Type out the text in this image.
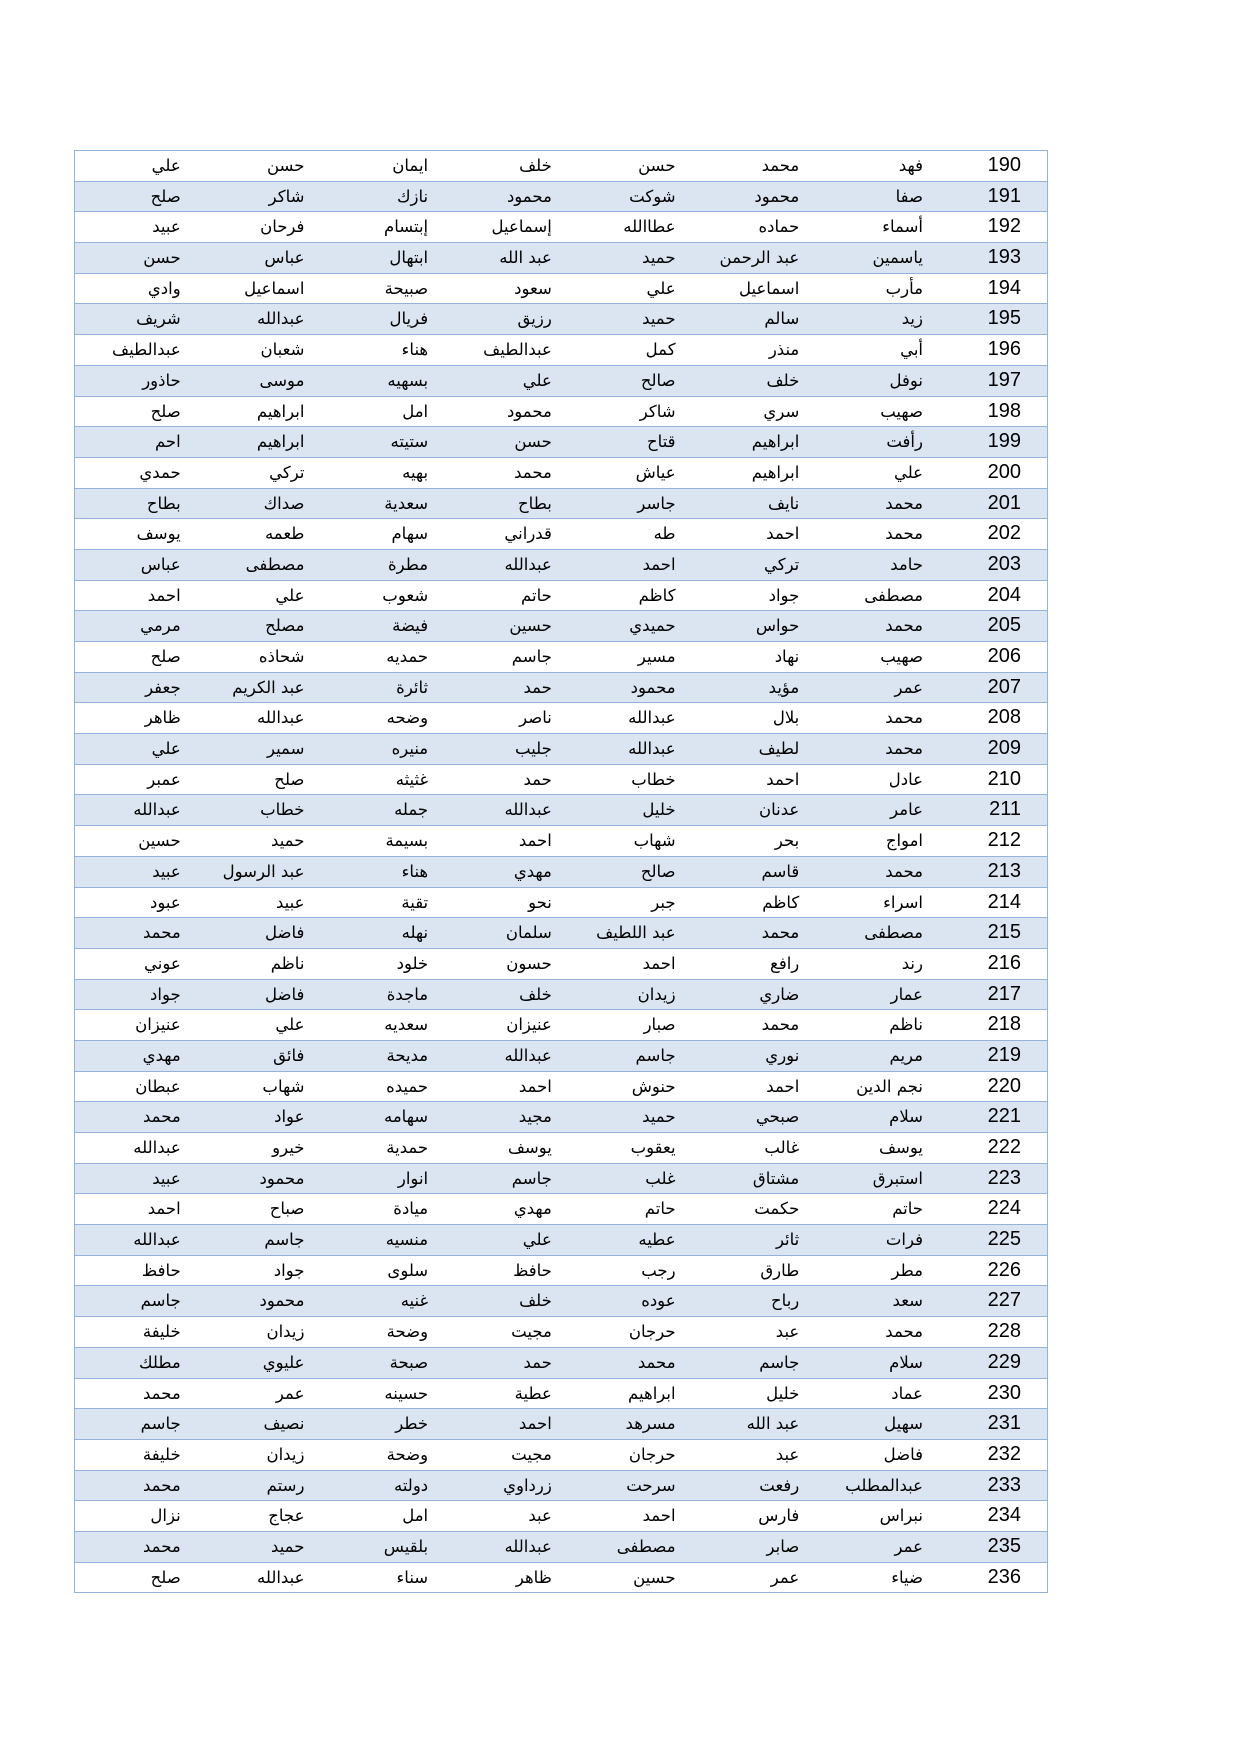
علي	حسن	ايمان	خلف	حسن	محمد	فهد	190
صلح	شاكر	نازك	محمود	شوكت	محمود	صفا	191
عبيد	فرحان	إبتسام	إسماعيل	عطاالله	حماده	أسماء	192
حسن	عباس	ابتهال	عبد الله	حميد	عبد الرحمن	ياسمين	193
وادي	اسماعيل	صبيحة	سعود	علي	اسماعيل	مأرب	194
شريف	عبدالله	فريال	رزيق	حميد	سالم	زيد	195
عبدالطيف	شعبان	هناء	عبدالطيف	كمل	منذر	أبي	196
حاذور	موسى	بسهيه	علي	صالح	خلف	نوفل	197
صلح	ابراهيم	امل	محمود	شاكر	سري	صهيب	198
احم	ابراهيم	ستيته	حسن	قتاح	ابراهيم	رأفت	199
حمدي	تركي	بهيه	محمد	عياش	ابراهيم	علي	200
بطاح	صداك	سعدية	بطاح	جاسر	نايف	محمد	201
يوسف	طعمه	سهام	قدراني	طه	احمد	محمد	202
عباس	مصطفى	مطرة	عبدالله	احمد	تركي	حامد	203
احمد	علي	شعوب	حاتم	كاظم	جواد	مصطفى	204
مرمي	مصلح	فيضة	حسين	حميدي	حواس	محمد	205
صلح	شحاذه	حمديه	جاسم	مسير	نهاد	صهيب	206
جعفر	عبد الكريم	ثائرة	حمد	محمود	مؤيد	عمر	207
ظاهر	عبدالله	وضحه	ناصر	عبدالله	بلال	محمد	208
علي	سمير	منيره	جليب	عبدالله	لطيف	محمد	209
عمبر	صلح	غثيثه	حمد	خطاب	احمد	عادل	210
عبدالله	خطاب	جمله	عبدالله	خليل	عدنان	عامر	211
حسين	حميد	بسيمة	احمد	شهاب	بحر	امواج	212
عبيد	عبد الرسول	هناء	مهدي	صالح	قاسم	محمد	213
عبود	عبيد	تقية	نحو	جبر	كاظم	اسراء	214
محمد	فاضل	نهله	سلمان	عبد اللطيف	محمد	مصطفى	215
عوني	ناظم	خلود	حسون	احمد	رافع	رند	216
جواد	فاضل	ماجدة	خلف	زيدان	ضاري	عمار	217
عنيزان	علي	سعديه	عنيزان	صبار	محمد	ناظم	218
مهدي	فائق	مديحة	عبدالله	جاسم	نوري	مريم	219
عبطان	شهاب	حميده	احمد	حنوش	احمد	نجم الدين	220
محمد	عواد	سهامه	مجيد	حميد	صبحي	سلام	221
عبدالله	خيرو	حمدية	يوسف	يعقوب	غالب	يوسف	222
عبيد	محمود	انوار	جاسم	غلب	مشتاق	استبرق	223
احمد	صباح	ميادة	مهدي	حاتم	حكمت	حاتم	224
عبدالله	جاسم	منسيه	علي	عطيه	ثائر	فرات	225
حافظ	جواد	سلوى	حافظ	رجب	طارق	مطر	226
جاسم	محمود	غنيه	خلف	عوده	رباح	سعد	227
خليفة	زيدان	وضحة	مجيت	حرجان	عبد	محمد	228
مطلك	عليوي	صبحة	حمد	محمد	جاسم	سلام	229
محمد	عمر	حسينه	عطية	ابراهيم	خليل	عماد	230
جاسم	نصيف	خطر	احمد	مسرهد	عبد الله	سهيل	231
خليفة	زيدان	وضحة	مجيت	حرجان	عبد	فاضل	232
محمد	رستم	دولته	زرداوي	سرحت	رفعت	عبدالمطلب	233
نزال	عجاج	امل	عبد	احمد	فارس	نبراس	234
محمد	حميد	بلقيس	عبدالله	مصطفى	صابر	عمر	235
صلح	عبدالله	سناء	ظاهر	حسين	عمر	ضياء	236
